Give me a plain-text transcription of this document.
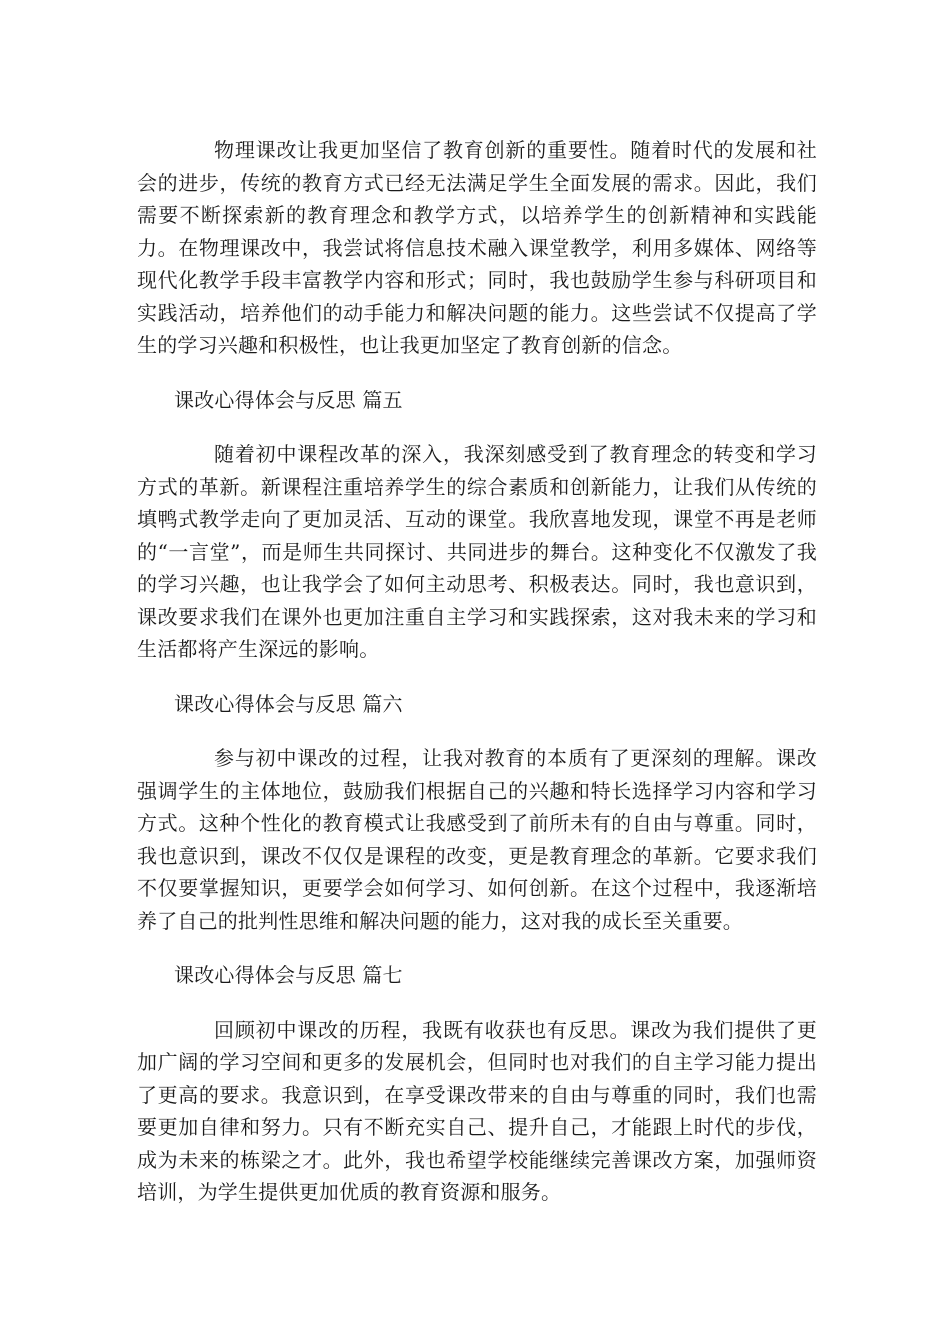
物理课改让我更加坚信了教育创新的重要性。随着时代的发展和社会的进步，传统的教育方式已经无法满足学生全面发展的需求。因此，我们需要不断探索新的教育理念和教学方式，以培养学生的创新精神和实践能力。在物理课改中，我尝试将信息技术融入课堂教学，利用多媒体、网络等现代化教学手段丰富教学内容和形式；同时，我也鼓励学生参与科研项目和实践活动，培养他们的动手能力和解决问题的能力。这些尝试不仅提高了学生的学习兴趣和积极性，也让我更加坚定了教育创新的信念。

课改心得体会与反思 篇五

随着初中课程改革的深入，我深刻感受到了教育理念的转变和学习方式的革新。新课程注重培养学生的综合素质和创新能力，让我们从传统的填鸭式教学走向了更加灵活、互动的课堂。我欣喜地发现，课堂不再是老师的“一言堂”，而是师生共同探讨、共同进步的舞台。这种变化不仅激发了我的学习兴趣，也让我学会了如何主动思考、积极表达。同时，我也意识到，课改要求我们在课外也更加注重自主学习和实践探索，这对我未来的学习和生活都将产生深远的影响。

课改心得体会与反思 篇六

参与初中课改的过程，让我对教育的本质有了更深刻的理解。课改强调学生的主体地位，鼓励我们根据自己的兴趣和特长选择学习内容和学习方式。这种个性化的教育模式让我感受到了前所未有的自由与尊重。同时，我也意识到，课改不仅仅是课程的改变，更是教育理念的革新。它要求我们不仅要掌握知识，更要学会如何学习、如何创新。在这个过程中，我逐渐培养了自己的批判性思维和解决问题的能力，这对我的成长至关重要。

课改心得体会与反思 篇七

回顾初中课改的历程，我既有收获也有反思。课改为我们提供了更加广阔的学习空间和更多的发展机会，但同时也对我们的自主学习能力提出了更高的要求。我意识到，在享受课改带来的自由与尊重的同时，我们也需要更加自律和努力。只有不断充实自己、提升自己，才能跟上时代的步伐，成为未来的栋梁之才。此外，我也希望学校能继续完善课改方案，加强师资培训，为学生提供更加优质的教育资源和服务。
